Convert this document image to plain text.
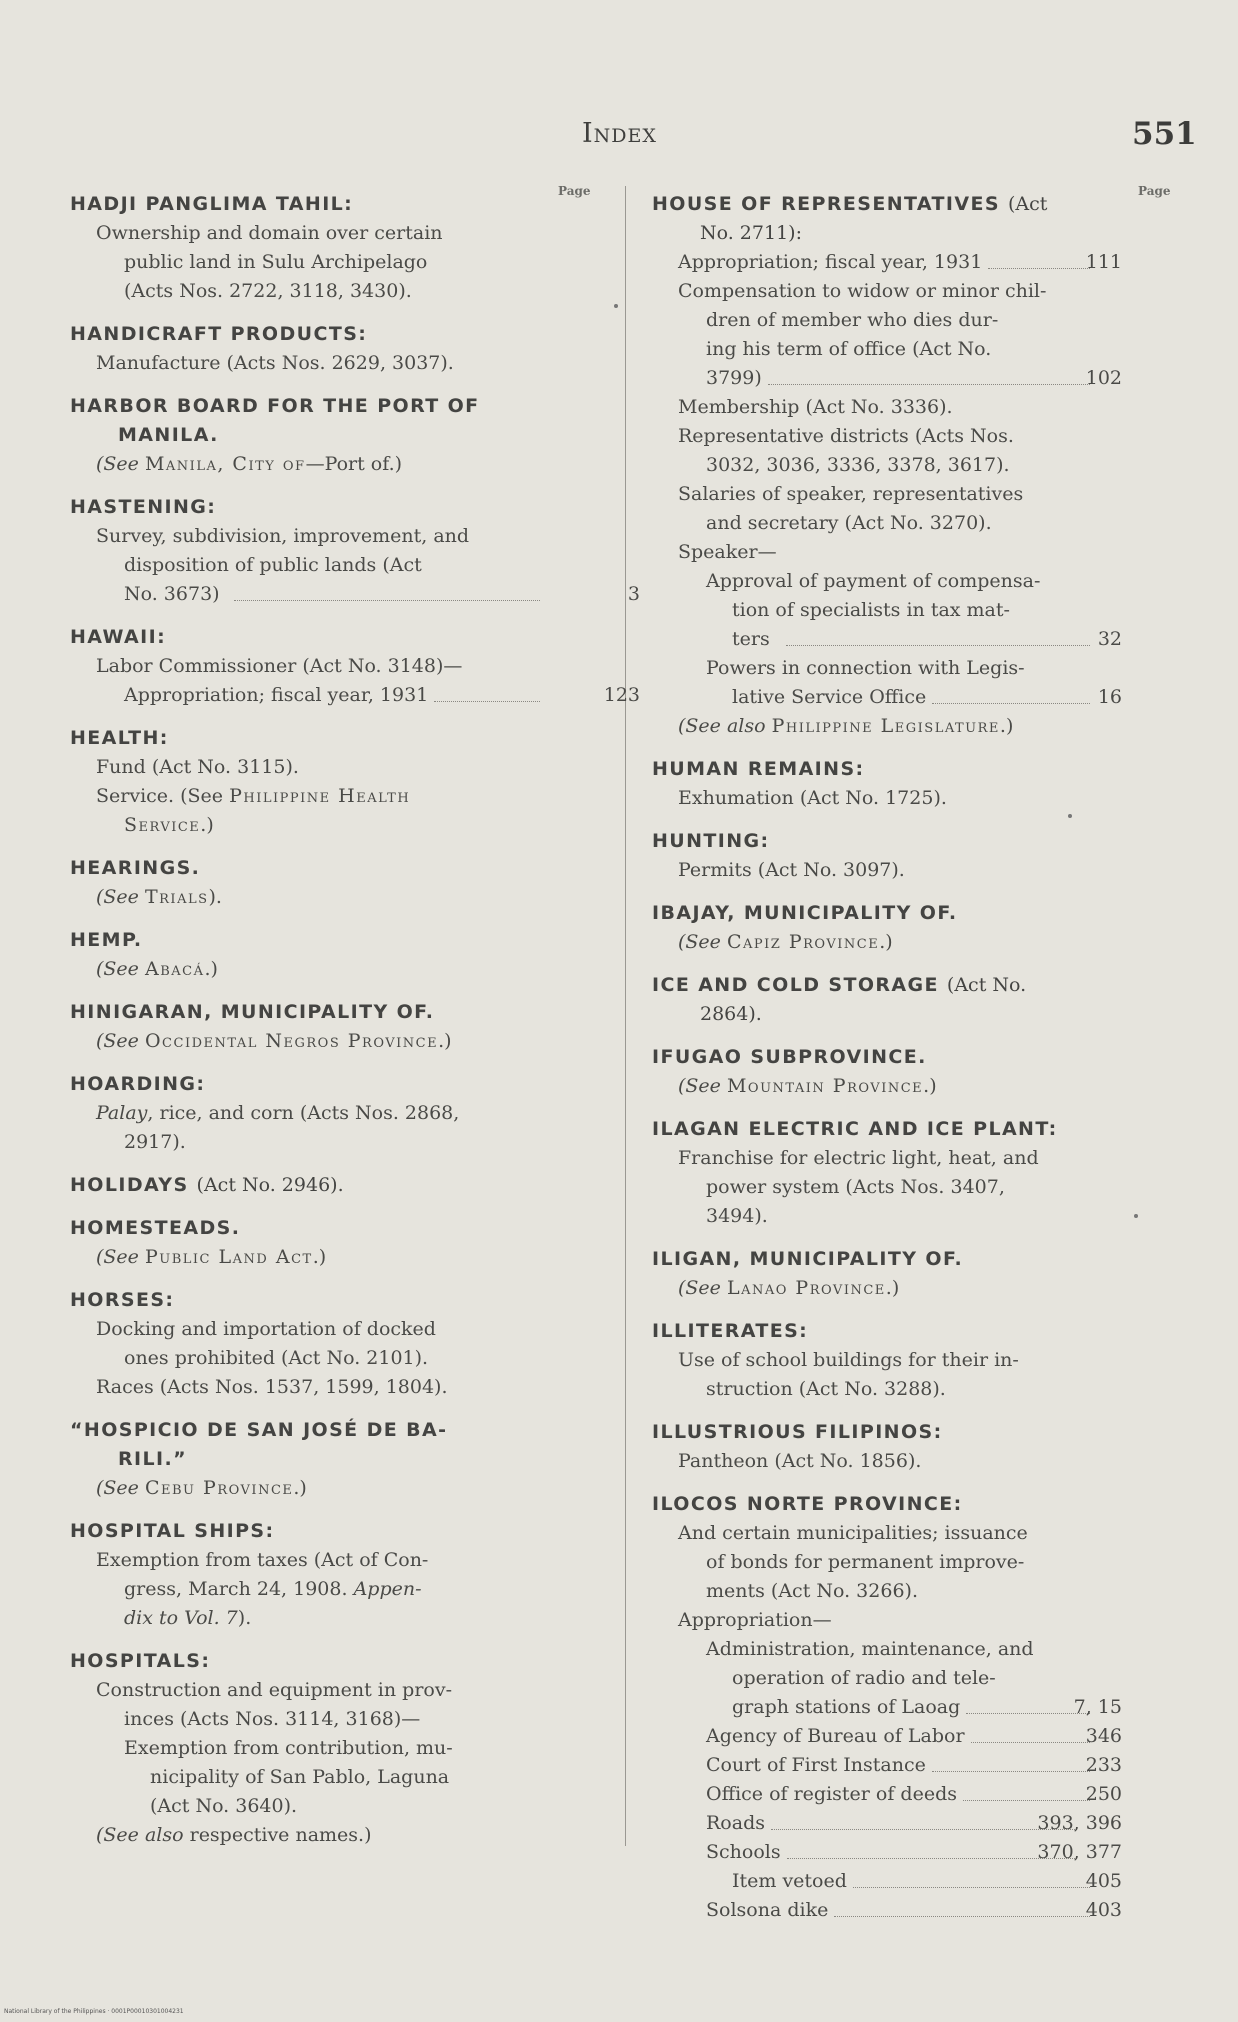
Index	551
Page	Page
HADJI PANGLIMA TAHIL:
Ownership and domain over certain
public land in Sulu Archipelago
(Acts Nos. 2722, 3118, 3430).
HANDICRAFT PRODUCTS:
Manufacture (Acts Nos. 2629, 3037).
HARBOR BOARD FOR THE PORT OF
MANILA.
(See Manila, City of—Port of.)
HASTENING:
Survey, subdivision, improvement, and
disposition of public lands (Act
No. 3673)	3
HAWAII:
Labor Commissioner (Act No. 3148)—
Appropriation; fiscal year, 1931	123
HEALTH:
Fund (Act No. 3115).
Service. (See Philippine Health
Service.)
HEARINGS.
(See Trials).
HEMP.
(See Abacá.)
HINIGARAN, MUNICIPALITY OF.
(See Occidental Negros Province.)
HOARDING:
Palay, rice, and corn (Acts Nos. 2868,
2917).
HOLIDAYS (Act No. 2946).
HOMESTEADS.
(See Public Land Act.)
HORSES:
Docking and importation of docked
ones prohibited (Act No. 2101).
Races (Acts Nos. 1537, 1599, 1804).
“HOSPICIO DE SAN JOSÉ DE BA-
RILI.”
(See Cebu Province.)
HOSPITAL SHIPS:
Exemption from taxes (Act of Con-
gress, March 24, 1908. Appen-
dix to Vol. 7).
HOSPITALS:
Construction and equipment in prov-
inces (Acts Nos. 3114, 3168)—
Exemption from contribution, mu-
nicipality of San Pablo, Laguna
(Act No. 3640).
(See also respective names.)
HOUSE OF REPRESENTATIVES (Act
No. 2711):
Appropriation; fiscal year, 1931	111
Compensation to widow or minor chil-
dren of member who dies dur-
ing his term of office (Act No.
3799)	102
Membership (Act No. 3336).
Representative districts (Acts Nos.
3032, 3036, 3336, 3378, 3617).
Salaries of speaker, representatives
and secretary (Act No. 3270).
Speaker—
Approval of payment of compensa-
tion of specialists in tax mat-
ters	32
Powers in connection with Legis-
lative Service Office	16
(See also Philippine Legislature.)
HUMAN REMAINS:
Exhumation (Act No. 1725).
HUNTING:
Permits (Act No. 3097).
IBAJAY, MUNICIPALITY OF.
(See Capiz Province.)
ICE AND COLD STORAGE (Act No.
2864).
IFUGAO SUBPROVINCE.
(See Mountain Province.)
ILAGAN ELECTRIC AND ICE PLANT:
Franchise for electric light, heat, and
power system (Acts Nos. 3407,
3494).
ILIGAN, MUNICIPALITY OF.
(See Lanao Province.)
ILLITERATES:
Use of school buildings for their in-
struction (Act No. 3288).
ILLUSTRIOUS FILIPINOS:
Pantheon (Act No. 1856).
ILOCOS NORTE PROVINCE:
And certain municipalities; issuance
of bonds for permanent improve-
ments (Act No. 3266).
Appropriation—
Administration, maintenance, and
operation of radio and tele-
graph stations of Laoag	7, 15
Agency of Bureau of Labor	346
Court of First Instance	233
Office of register of deeds	250
Roads	393, 396
Schools	370, 377
Item vetoed	405
Solsona dike	403
National Library of the Philippines · 0001P00010301004231
